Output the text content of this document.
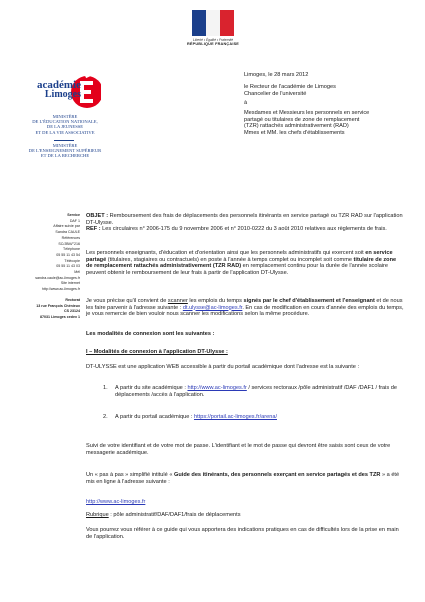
Liberté • Égalité • Fraternité
RÉPUBLIQUE FRANÇAISE
académie
Limoges
MINISTÈRE
DE L'ÉDUCATION NATIONALE,
DE LA JEUNESSE
ET DE LA VIE ASSOCIATIVE
MINISTÈRE
DE L'ENSEIGNEMENT SUPÉRIEUR
ET DE LA RECHERCHE
Limoges, le 28 mars 2012
le Recteur de l'académie de Limoges
Chancelier de l'université
à
Mesdames et Messieurs les personnels en service
partagé ou titulaires de zone de remplacement
(TZR) rattachés administrativement (RAD)
Mmes et MM. les chefs d'établissements
Service
DAF 1
Affaire suivie par
Sandra CAULE
Références
SC/JBM/°216
Téléphone
05 55 11 43 54
Télécopie
05 55 11 43 03
Mél
sandra.caule@ac-limoges.fr
Site internet
http://www.ac-limoges.fr
Rectorat
13 rue François Chénieux
CS 23124
87031 Limoges cedex 1

OBJET : Remboursement des frais de déplacements des personnels itinérants en service partagé ou TZR RAD sur l'application DT-Ulysse.

REF : Les circulaires n° 2006-175 du 9 novembre 2006 et n° 2010-0222 du 3 août 2010 relatives aux règlements de frais.

Les personnels enseignants, d'éducation et d'orientation ainsi que les personnels administratifs qui exercent soit en service partagé (titulaires, stagiaires ou contractuels) en poste à l'année à temps complet ou incomplet soit comme titulaire de zone de remplacement rattachés administrativement (TZR RAD) en remplacement continu pour la durée de l'année scolaire peuvent obtenir le remboursement de leur frais à partir de l'application DT-Ulysse.

Je vous précise qu'il convient de scanner les emplois du temps signés par le chef d'établissement et l'enseignant et de nous les faire parvenir à l'adresse suivante : dt.ulysse@ac-limoges.fr. En cas de modification en cours d'année des emplois du temps, je vous remercie de bien vouloir nous scanner les modifications selon la même procédure.

Les modalités de connexion sont les suivantes :
I – Modalités de connexion à l'application DT-Ulysse :
DT-ULYSSE est une application WEB accessible à partir du portail académique dont l'adresse est la suivante :
1. A partir du site académique : http://www.ac-limoges.fr / services rectoraux /pôle administratif /DAF /DAF1 / frais de déplacements /accès à l'application.
2. A partir du portail académique : https://portail.ac-limoges.fr/arena/
Suivi de votre identifiant et de votre mot de passe. L'identifiant et le mot de passe qui devront être saisis sont ceux de votre messagerie académique.

Un « pas à pas » simplifié intitulé « Guide des itinérants, des personnels exerçant en service partagés et des TZR » a été mis en ligne à l'adresse suivante :

http://www.ac-limoges.fr
Rubrique : pôle administratif/DAF/DAF1/frais de déplacements
Vous pourrez vous référer à ce guide qui vous apportera des indications pratiques en cas de difficultés lors de la prise en main de l'application.
